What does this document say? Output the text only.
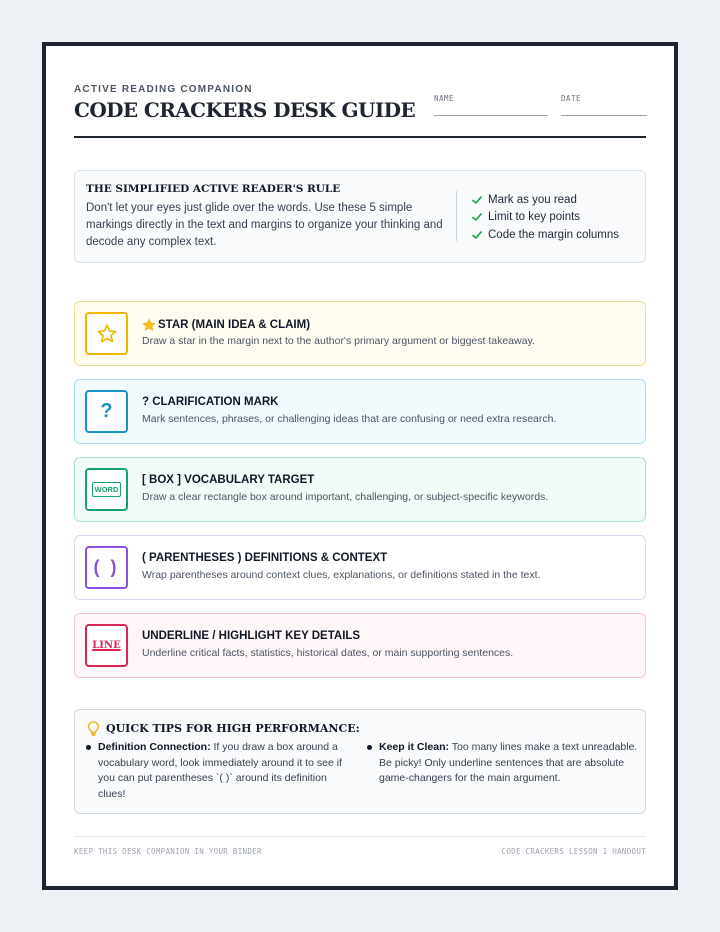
ACTIVE READING COMPANION
CODE CRACKERS DESK GUIDE	NAME	DATE
THE SIMPLIFIED ACTIVE READER'S RULE
Don't let your eyes just glide over the words. Use these 5 simple markings directly in the text and margins to organize your thinking and decode any complex text.
Mark as you read
Limit to key points
Code the margin columns
STAR (MAIN IDEA & CLAIM)
Draw a star in the margin next to the author's primary argument or biggest takeaway.
?	? CLARIFICATION MARK
Mark sentences, phrases, or challenging ideas that are confusing or need extra research.
WORD
[ BOX ] VOCABULARY TARGET
Draw a clear rectangle box around important, challenging, or subject-specific keywords.
( ) ( PARENTHESES ) DEFINITIONS & CONTEXT
Wrap parentheses around context clues, explanations, or definitions stated in the text.
LINE
UNDERLINE / HIGHLIGHT KEY DETAILS
Underline critical facts, statistics, historical dates, or main supporting sentences.
QUICK TIPS FOR HIGH PERFORMANCE:
Definition Connection: If you draw a box around a vocabulary word, look immediately around it to see if you can put parentheses `( )` around its definition clues!
Keep it Clean: Too many lines make a text unreadable. Be picky! Only underline sentences that are absolute game-changers for the main argument.
KEEP THIS DESK COMPANION IN YOUR BINDER	CODE CRACKERS LESSON 1 HANDOUT
